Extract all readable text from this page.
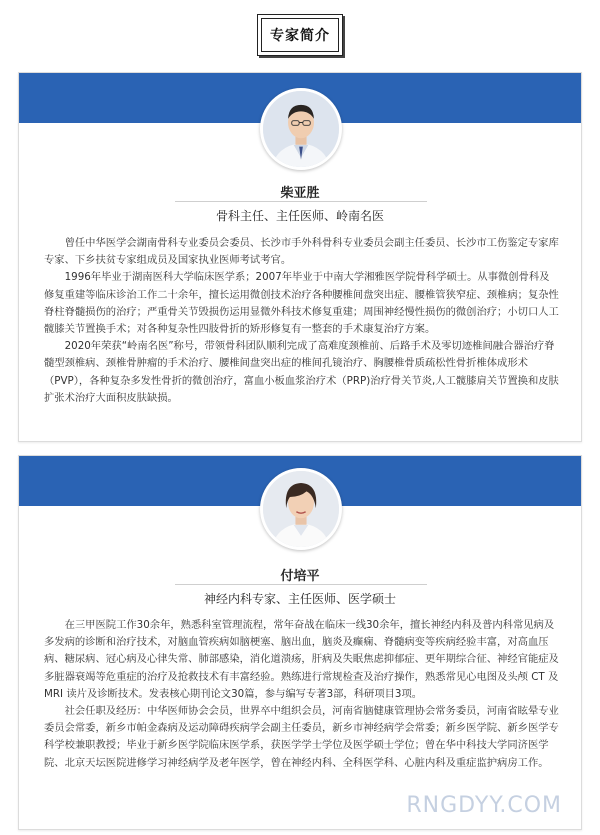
专家简介
柴亚胜
骨科主任、主任医师、岭南名医

曾任中华医学会湖南骨科专业委员会委员、长沙市手外科骨科专业委员会副主任委员、长沙市工伤鉴定专家库专家、下乡扶贫专家组成员及国家执业医师考试考官。

1996年毕业于湖南医科大学临床医学系；2007年毕业于中南大学湘雅医学院骨科学硕士。从事微创骨科及修复重建等临床诊治工作二十余年，擅长运用微创技术治疗各种腰椎间盘突出症、腰椎管狭窄症、颈椎病；复杂性脊柱脊髓损伤的治疗；严重骨关节毁损伤运用显微外科技术修复重建；周围神经慢性损伤的微创治疗；小切口人工髋膝关节置换手术；对各种复杂性四肢骨折的矫形修复有一整套的手术康复治疗方案。

2020年荣获“岭南名医”称号，带领骨科团队顺利完成了高难度颈椎前、后路手术及零切迹椎间融合器治疗脊髓型颈椎病、颈椎骨肿瘤的手术治疗、腰椎间盘突出症的椎间孔镜治疗、胸腰椎骨质疏松性骨折椎体成形术（PVP），各种复杂多发性骨折的微创治疗，富血小板血浆治疗术（PRP)治疗骨关节炎,人工髋膝肩关节置换和皮肤扩张术治疗大面积皮肤缺损。

付培平
神经内科专家、主任医师、医学硕士

在三甲医院工作30余年，熟悉科室管理流程，常年奋战在临床一线30余年，擅长神经内科及普内科常见病及多发病的诊断和治疗技术，对脑血管疾病如脑梗塞、脑出血，脑炎及癫痫、脊髓病变等疾病经验丰富，对高血压病、糖尿病、冠心病及心律失常、肺部感染，消化道溃疡，肝病及失眠焦虑抑郁症、更年期综合征、神经官能症及多脏器衰竭等危重症的治疗及抢救技术有丰富经验。熟练进行常规检查及治疗操作，熟悉常见心电图及头颅 CT 及 MRI 读片及诊断技术。发表核心期刊论文30篇，参与编写专著3部，科研项目3项。

社会任职及经历：中华医师协会会员，世界卒中组织会员，河南省脑健康管理协会常务委员，河南省眩晕专业委员会常委，新乡市帕金森病及运动障碍疾病学会副主任委员，新乡市神经病学会常委；新乡医学院、新乡医学专科学校兼职教授；毕业于新乡医学院临床医学系，获医学学士学位及医学硕士学位；曾在华中科技大学同济医学院、北京天坛医院进修学习神经病学及老年医学，曾在神经内科、全科医学科、心脏内科及重症监护病房工作。

RNGDYY.COM
